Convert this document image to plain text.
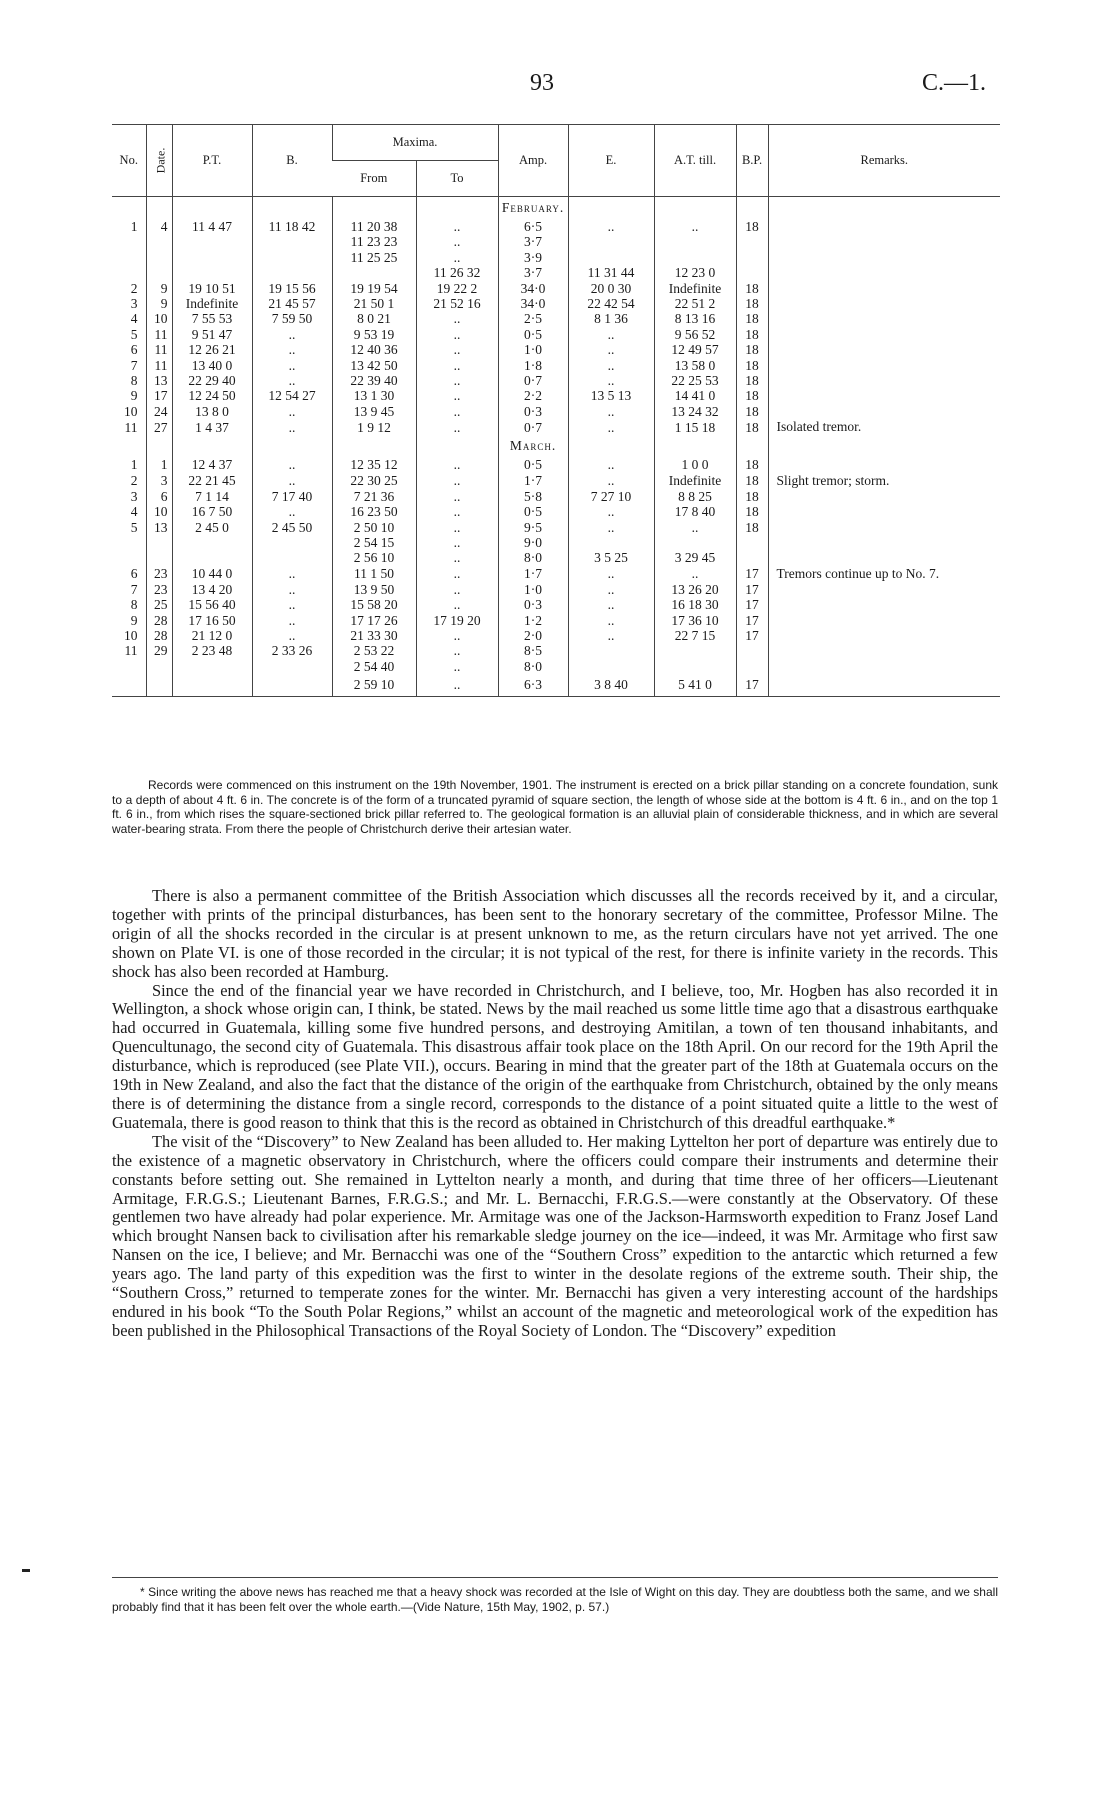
93	C.—1.
No.	Date.	P.T.	B.	Maxima.		Amp.	E.	A.T. till.	B.P.	Remarks.
				From	To					
						February.				
1	4	11 4 47	11 18 42	11 20 38	..	6·5	..	..	18	
				11 23 23	..	3·7				
				11 25 25	..	3·9				
					11 26 32	3·7	11 31 44	12 23 0		
2	9	19 10 51	19 15 56	19 19 54	19 22 2	34·0	20 0 30	Indefinite	18	
3	9	Indefinite	21 45 57	21 50 1	21 52 16	34·0	22 42 54	22 51 2	18	
4	10	7 55 53	7 59 50	8 0 21	..	2·5	8 1 36	8 13 16	18	
5	11	9 51 47	..	9 53 19	..	0·5	..	9 56 52	18	
6	11	12 26 21	..	12 40 36	..	1·0	..	12 49 57	18	
7	11	13 40 0	..	13 42 50	..	1·8	..	13 58 0	18	
8	13	22 29 40	..	22 39 40	..	0·7	..	22 25 53	18	
9	17	12 24 50	12 54 27	13 1 30	..	2·2	13 5 13	14 41 0	18	
10	24	13 8 0	..	13 9 45	..	0·3	..	13 24 32	18	
11	27	1 4 37	..	1 9 12	..	0·7	..	1 15 18	18	Isolated tremor.
						March.				
1	1	12 4 37	..	12 35 12	..	0·5	..	1 0 0	18	
2	3	22 21 45	..	22 30 25	..	1·7	..	Indefinite	18	Slight tremor; storm.
3	6	7 1 14	7 17 40	7 21 36	..	5·8	7 27 10	8 8 25	18	
4	10	16 7 50	..	16 23 50	..	0·5	..	17 8 40	18	
5	13	2 45 0	2 45 50	2 50 10	..	9·5	..	..	18	
				2 54 15	..	9·0				
				2 56 10	..	8·0	3 5 25	3 29 45		
6	23	10 44 0	..	11 1 50	..	1·7	..	..	17	Tremors continue up to No. 7.
7	23	13 4 20	..	13 9 50	..	1·0	..	13 26 20	17	
8	25	15 56 40	..	15 58 20	..	0·3	..	16 18 30	17	
9	28	17 16 50	..	17 17 26	17 19 20	1·2	..	17 36 10	17	
10	28	21 12 0	..	21 33 30	..	2·0	..	22 7 15	17	
11	29	2 23 48	2 33 26	2 53 22	..	8·5				
				2 54 40	..	8·0				
				2 59 10	..	6·3	3 8 40	5 41 0	17	

Records were commenced on this instrument on the 19th November, 1901. The instrument is erected on a brick pillar standing on a concrete foundation, sunk to a depth of about 4 ft. 6 in. The concrete is of the form of a truncated pyramid of square section, the length of whose side at the bottom is 4 ft. 6 in., and on the top 1 ft. 6 in., from which rises the square-sectioned brick pillar referred to. The geological formation is an alluvial plain of considerable thickness, and in which are several water-bearing strata. From there the people of Christchurch derive their artesian water.

There is also a permanent committee of the British Association which discusses all the records received by it, and a circular, together with prints of the principal disturbances, has been sent to the honorary secretary of the committee, Professor Milne. The origin of all the shocks recorded in the circular is at present unknown to me, as the return circulars have not yet arrived. The one shown on Plate VI. is one of those recorded in the circular; it is not typical of the rest, for there is infinite variety in the records. This shock has also been recorded at Hamburg.

Since the end of the financial year we have recorded in Christchurch, and I believe, too, Mr. Hogben has also recorded it in Wellington, a shock whose origin can, I think, be stated. News by the mail reached us some little time ago that a disastrous earthquake had occurred in Guatemala, killing some five hundred persons, and destroying Amitilan, a town of ten thousand inhabitants, and Quencultunago, the second city of Guatemala. This disastrous affair took place on the 18th April. On our record for the 19th April the disturbance, which is reproduced (see Plate VII.), occurs. Bearing in mind that the greater part of the 18th at Guatemala occurs on the 19th in New Zealand, and also the fact that the distance of the origin of the earthquake from Christchurch, obtained by the only means there is of determining the distance from a single record, corresponds to the distance of a point situated quite a little to the west of Guatemala, there is good reason to think that this is the record as obtained in Christchurch of this dreadful earthquake.*

The visit of the “Discovery” to New Zealand has been alluded to. Her making Lyttelton her port of departure was entirely due to the existence of a magnetic observatory in Christchurch, where the officers could compare their instruments and determine their constants before setting out. She remained in Lyttelton nearly a month, and during that time three of her officers—Lieutenant Armitage, F.R.G.S.; Lieutenant Barnes, F.R.G.S.; and Mr. L. Bernacchi, F.R.G.S.—were constantly at the Observatory. Of these gentlemen two have already had polar experience. Mr. Armitage was one of the Jackson-Harmsworth expedition to Franz Josef Land which brought Nansen back to civilisation after his remarkable sledge journey on the ice—indeed, it was Mr. Armitage who first saw Nansen on the ice, I believe; and Mr. Bernacchi was one of the “Southern Cross” expedition to the antarctic which returned a few years ago. The land party of this expedition was the first to winter in the desolate regions of the extreme south. Their ship, the “Southern Cross,” returned to temperate zones for the winter. Mr. Bernacchi has given a very interesting account of the hardships endured in his book “To the South Polar Regions,” whilst an account of the magnetic and meteorological work of the expedition has been published in the Philosophical Transactions of the Royal Society of London. The “Discovery” expedition

* Since writing the above news has reached me that a heavy shock was recorded at the Isle of Wight on this day. They are doubtless both the same, and we shall probably find that it has been felt over the whole earth.—(Vide Nature, 15th May, 1902, p. 57.)
